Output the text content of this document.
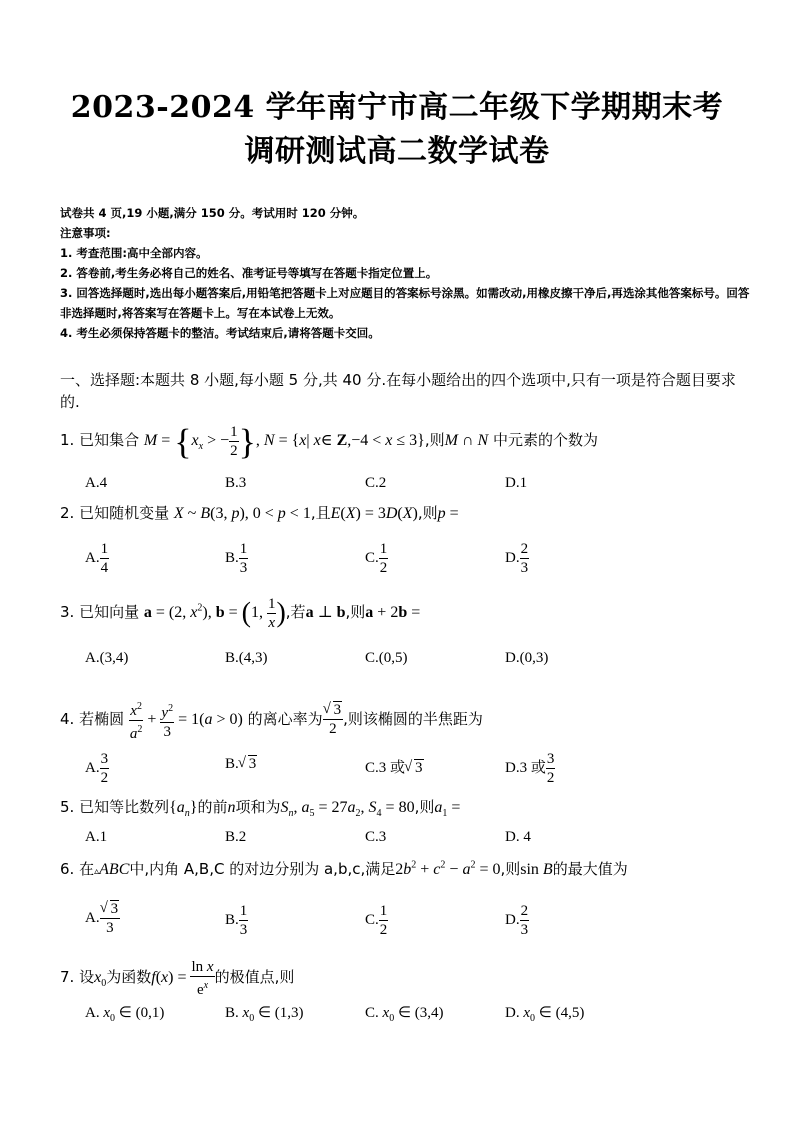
2023-2024 学年南宁市高二年级下学期期末考
调研测试高二数学试卷
试卷共 4 页,19 小题,满分 150 分。考试用时 120 分钟。
注意事项:
1. 考查范围:高中全部内容。
2. 答卷前,考生务必将自己的姓名、准考证号等填写在答题卡指定位置上。
3. 回答选择题时,选出每小题答案后,用铅笔把答题卡上对应题目的答案标号涂黑。如需改动,用橡皮擦干净后,再选涂其他答案标号。回答非选择题时,将答案写在答题卡上。写在本试卷上无效。
4. 考生必须保持答题卡的整洁。考试结束后,请将答题卡交回。
一、选择题:本题共 8 小题,每小题 5 分,共 40 分.在每小题给出的四个选项中,只有一项是符合题目要求的.
1. 已知集合 $M = \{x_x$ > − $\frac{1}{2}$ }, N = {x| x∈ Z,−4 < x ≤ 3},则M ∩ N 中元素的个数为
A.4	B.3	C.2	D.1
2. 已知随机变量 X ~ B(3, p), 0 < p < 1,且E(X) = 3D(X),则p =
A. $\frac{1}{4}$	B. $\frac{1}{3}$	C. $\frac{1}{2}$	D. $\frac{2}{3}$
3. 已知向量 a = (2, $x^2$), b = (1, $\frac{1}{x}$ ),若a ⊥ b,则a + 2b =
A.(3,4)	B.(4,3)	C.(0,5)	D.(0,3)
4. 若椭圆 $\frac{x^2}{a^2} + \frac{y^2}{3} = 1(a > 0)$ 的离心率为 √ $\frac{3}{2}$ ,则该椭圆的半焦距为
A. $\frac{3}{2}$	B. √ 3	C.3 或 √ 3	D.3 或 $\frac{3}{2}$
5. 已知等比数列$\{a_n\}$的前n项和为$S_n$, $a_5 = 27a_2$, $S_4 = 80$,则$a_1$ =
A.1	B.2	C.3	D. 4
6. 在▵ABC中,内角 A,B,C 的对边分别为 a,b,c,满足$2b^2 + c^2 - a^2 = 0$,则sin B的最大值为
A. √ $\frac{3}{3}$	B. $\frac{1}{3}$	C. $\frac{1}{2}$	D. $\frac{2}{3}$
7. 设$x_0$为函数$f(x) = \frac{\text{ln x}}{e^x}$ 的极值点,则
A. $x_0$ ∈ (0,1)	B. $x_0$ ∈ (1,3)	C. $x_0$ ∈ (3,4)	D. $x_0$ ∈ (4,5)
